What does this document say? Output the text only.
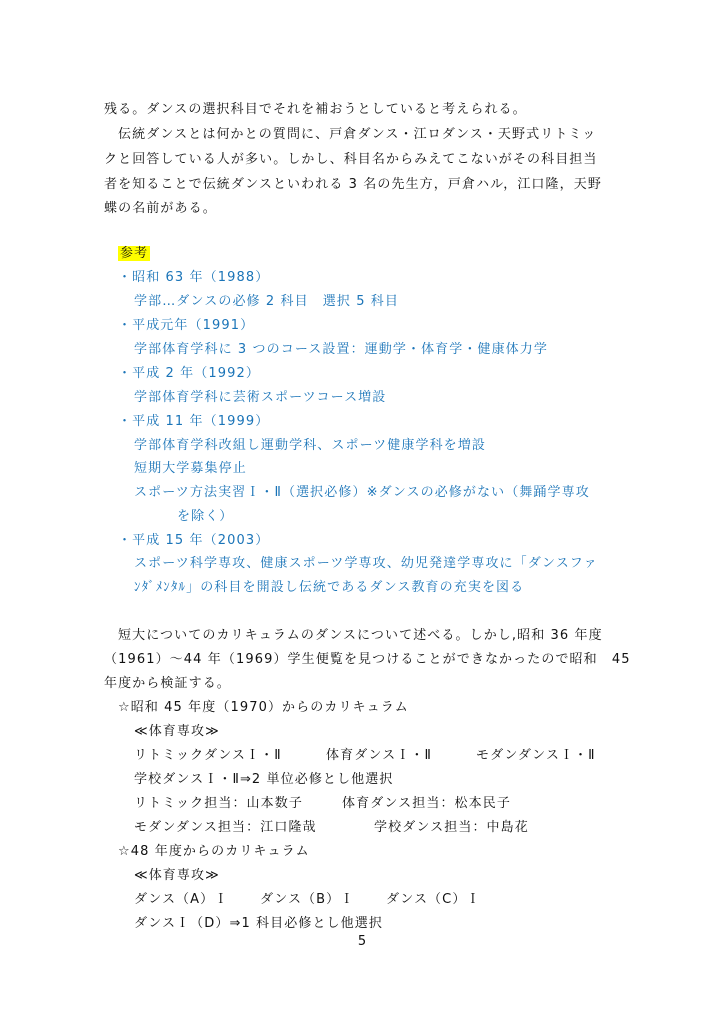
残る。ダンスの選択科目でそれを補おうとしていると考えられる。
伝統ダンスとは何かとの質問に、戸倉ダンス・江ロダンス・天野式リトミッ
クと回答している人が多い。しかし、科目名からみえてこないがその科目担当
者を知ることで伝統ダンスといわれる 3 名の先生方，戸倉ハル，江口隆，天野
蝶の名前がある。
参考
・昭和 63 年（1988）
学部…ダンスの必修 2 科目　選択 5 科目
・平成元年（1991）
学部体育学科に 3 つのコース設置：運動学・体育学・健康体力学
・平成 2 年（1992）
学部体育学科に芸術スポーツコース増設
・平成 11 年（1999）
学部体育学科改組し運動学科、スポーツ健康学科を増設
短期大学募集停止
スポーツ方法実習Ｉ・Ⅱ（選択必修）※ダンスの必修がない（舞踊学専攻
を除く）
・平成 15 年（2003）
スポーツ科学専攻、健康スポーツ学専攻、幼児発達学専攻に「ダンスファ
ﾝﾀﾞﾒﾝﾀﾙ」の科目を開設し伝統であるダンス教育の充実を図る
短大についてのカリキュラムのダンスについて述べる。しかし,昭和 36 年度
（1961）～44 年（1969）学生便覧を見つけることができなかったので昭和　45
年度から検証する。
☆昭和 45 年度（1970）からのカリキュラム
≪体育専攻≫
リトミックダンスＩ・Ⅱ	体育ダンスＩ・Ⅱ	モダンダンスＩ・Ⅱ
学校ダンスＩ・Ⅱ⇒2 単位必修とし他選択
リトミック担当：山本数子	体育ダンス担当：松本民子
モダンダンス担当：江口隆哉	学校ダンス担当：中島花
☆48 年度からのカリキュラム
≪体育専攻≫
ダンス（A）Ｉ ダンス（B）Ｉ ダンス（C）Ｉ
ダンスＩ（D）⇒1 科目必修とし他選択
5
